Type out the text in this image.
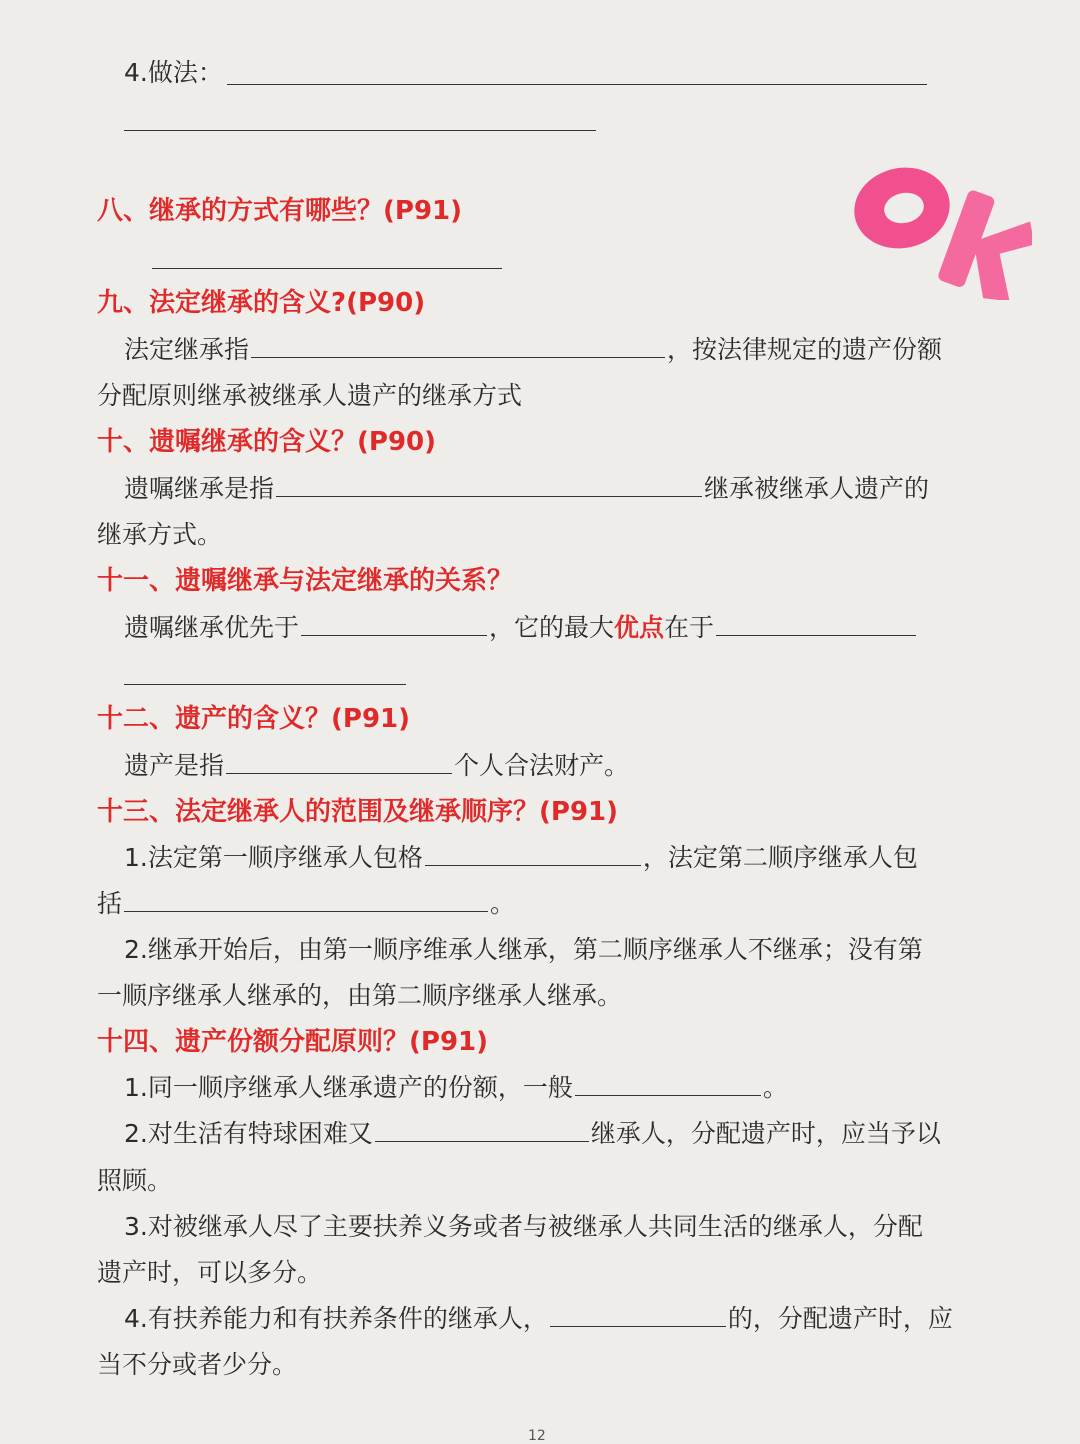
4.做法：
八、继承的方式有哪些？(P91)
九、法定继承的含义?(P90)
法定继承指	，按法律规定的遗产份额
分配原则继承被继承人遗产的继承方式
十、遗嘱继承的含义？(P90)
遗嘱继承是指	继承被继承人遗产的
继承方式。
十一、遗嘱继承与法定继承的关系？
遗嘱继承优先于	，它的最大优点在于
十二、遗产的含义？(P91)
遗产是指	个人合法财产。
十三、法定继承人的范围及继承顺序？(P91)
1.法定第一顺序继承人包格	，法定第二顺序继承人包
括	。
2.继承开始后，由第一顺序维承人继承，第二顺序继承人不继承；没有第
一顺序继承人继承的，由第二顺序继承人继承。
十四、遗产份额分配原则？(P91)
1.同一顺序继承人继承遗产的份额，一般	。
2.对生活有特球困难又	继承人，分配遗产时，应当予以
照顾。
3.对被继承人尽了主要扶养义务或者与被继承人共同生活的继承人，分配
遗产时，可以多分。
4.有扶养能力和有扶养条件的继承人，	的，分配遗产时，应
当不分或者少分。
12
